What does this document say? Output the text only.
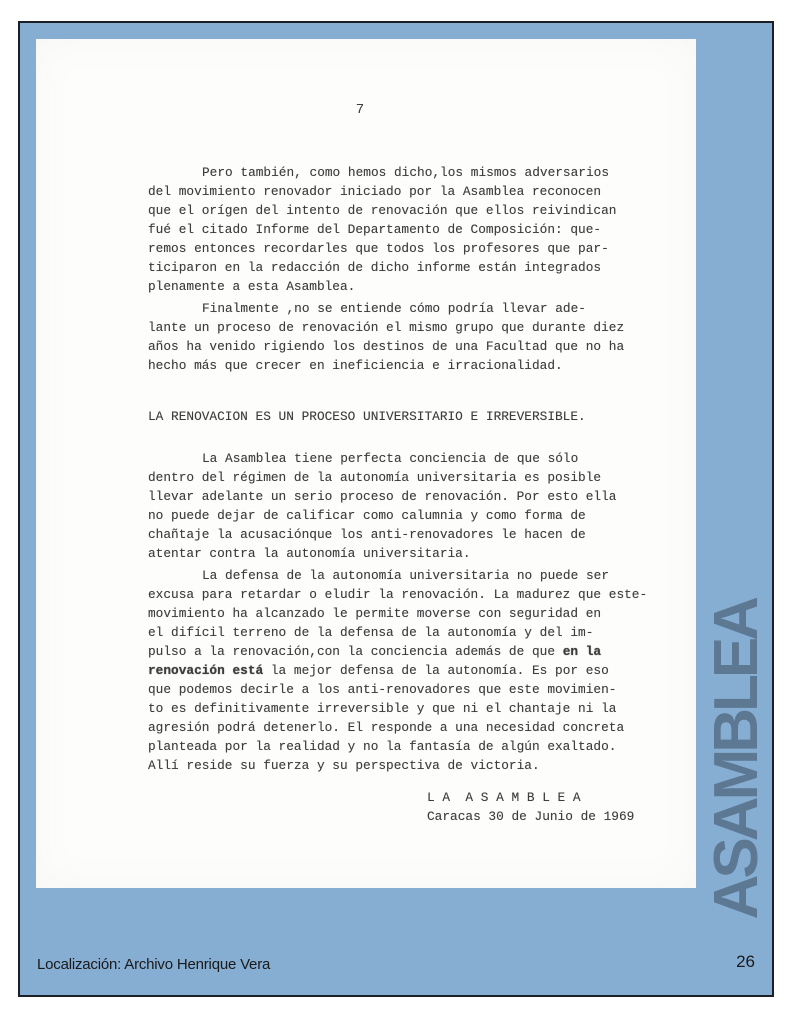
7
Pero también, como hemos dicho,los mismos adversarios
del movimiento renovador iniciado por la Asamblea reconocen
que el orígen del intento de renovación que ellos reivindican
fué el citado Informe del Departamento de Composición: que-
remos entonces recordarles que todos los profesores que par-
ticiparon en la redacción de dicho informe están integrados
plenamente a esta Asamblea.
Finalmente ,no se entiende cómo podría llevar ade-
lante un proceso de renovación el mismo grupo que durante diez
años ha venido rigiendo los destinos de una Facultad que no ha
hecho más que crecer en ineficiencia e irracionalidad.
LA RENOVACION ES UN PROCESO UNIVERSITARIO E IRREVERSIBLE.
La Asamblea tiene perfecta conciencia de que sólo
dentro del régimen de la autonomía universitaria es posible
llevar adelante un serio proceso de renovación. Por esto ella
no puede dejar de calificar como calumnia y como forma de
chañtaje la acusaciónque los anti-renovadores le hacen de
atentar contra la autonomía universitaria.
La defensa de la autonomía universitaria no puede ser
excusa para retardar o eludir la renovación. La madurez que este-
movimiento ha alcanzado le permite moverse con seguridad en
el difícil terreno de la defensa de la autonomía y del im-
pulso a la renovación,con la conciencia además de que en la
renovación está la mejor defensa de la autonomía. Es por eso
que podemos decirle a los anti-renovadores que este movimien-
to es definitivamente irreversible y que ni el chantaje ni la
agresión podrá detenerlo. El responde a una necesidad concreta
planteada por la realidad y no la fantasía de algún exaltado.
Allí reside su fuerza y su perspectiva de victoria.
L A  A S A M B L E A
Caracas 30 de Junio de 1969	ASAMBLEA
Localización: Archivo Henrique Vera	26
